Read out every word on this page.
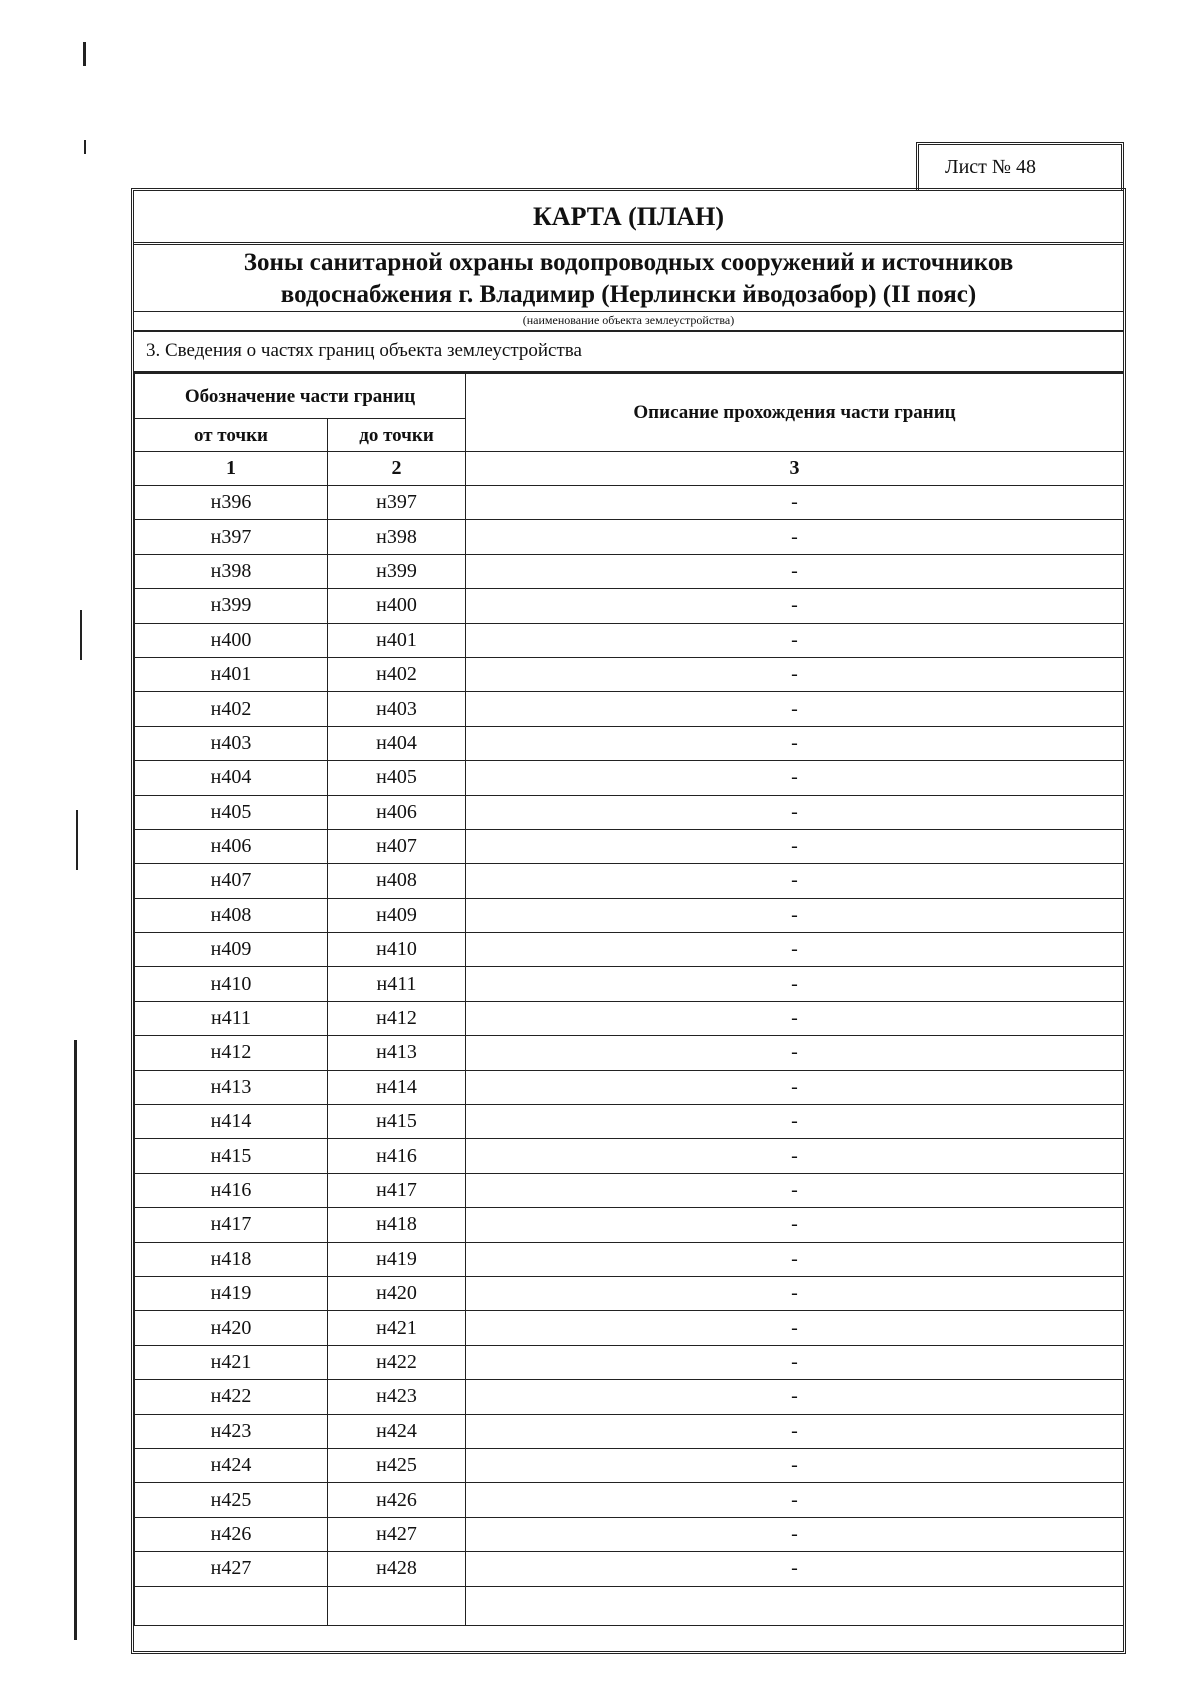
Лист № 48
КАРТА (ПЛАН)
Зоны санитарной охраны водопроводных сооружений и источников
водоснабжения г. Владимир (Нерлински йводозабор) (II пояс)
(наименование объекта землеустройства)
3. Сведения о частях границ объекта землеустройства
Обозначение части границ		Описание прохождения части границ
от точки	до точки	
1	2	3
н396	н397	-
н397	н398	-
н398	н399	-
н399	н400	-
н400	н401	-
н401	н402	-
н402	н403	-
н403	н404	-
н404	н405	-
н405	н406	-
н406	н407	-
н407	н408	-
н408	н409	-
н409	н410	-
н410	н411	-
н411	н412	-
н412	н413	-
н413	н414	-
н414	н415	-
н415	н416	-
н416	н417	-
н417	н418	-
н418	н419	-
н419	н420	-
н420	н421	-
н421	н422	-
н422	н423	-
н423	н424	-
н424	н425	-
н425	н426	-
н426	н427	-
н427	н428	-
